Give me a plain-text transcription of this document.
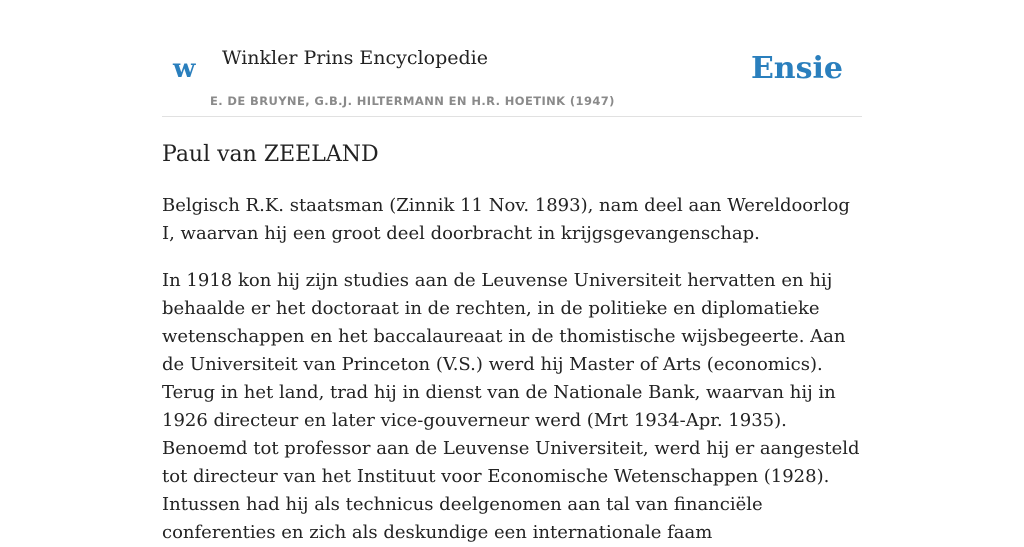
w Winkler Prins Encyclopedie
E. DE BRUYNE, G.B.J. HILTERMANN EN H.R. HOETINK (1947)
Ensie
Paul van ZEELAND

Belgisch R.K. staatsman (Zinnik 11 Nov. 1893), nam deel aan Wereldoorlog I, waarvan hij een groot deel doorbracht in krijgsgevangenschap.

In 1918 kon hij zijn studies aan de Leuvense Universiteit hervatten en hij behaalde er het doctoraat in de rechten, in de politieke en diplomatieke wetenschappen en het baccalaureaat in de thomistische wijsbegeerte. Aan de Universiteit van Princeton (V.S.) werd hij Master of Arts (economics). Terug in het land, trad hij in dienst van de Nationale Bank, waarvan hij in 1926 directeur en later vice-gouverneur werd (Mrt 1934-Apr. 1935). Benoemd tot professor aan de Leuvense Universiteit, werd hij er aangesteld tot directeur van het Instituut voor Economische Wetenschappen (1928). Intussen had hij als technicus deelgenomen aan tal van financiële conferenties en zich als deskundige een internationale faam
